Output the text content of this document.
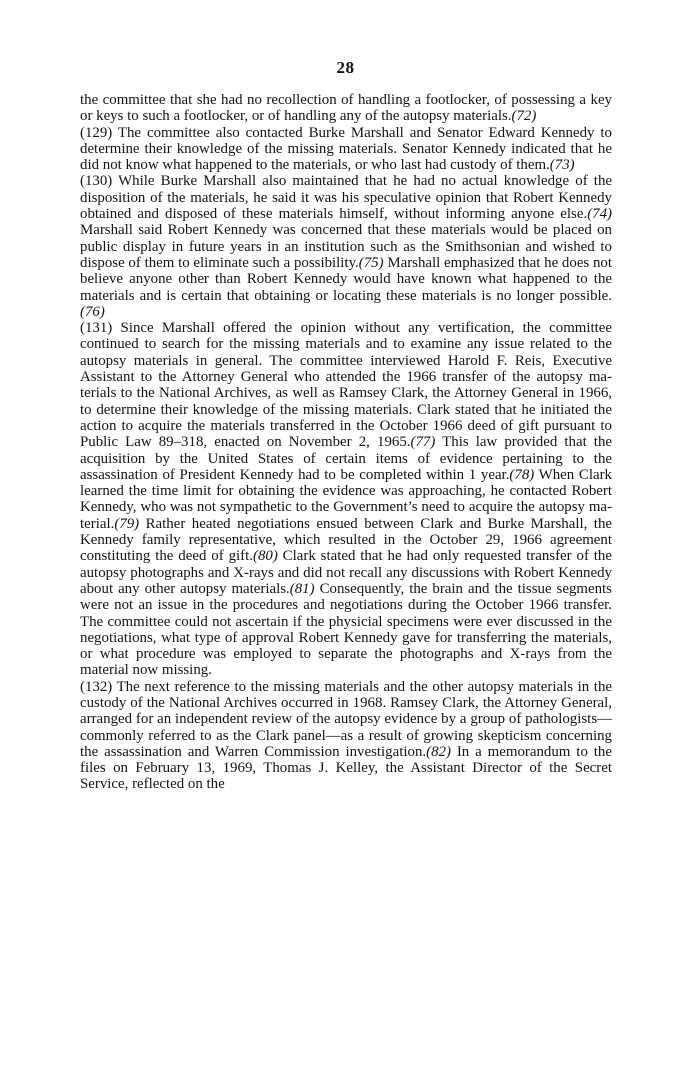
28

the committee that she had no recollection of handling a footlocker, of possessing a key or keys to such a footlocker, or of handling any of the autopsy materials.(72)

(129) The committee also contacted Burke Marshall and Senator Edward Kennedy to determine their knowledge of the missing materials. Senator Kennedy indicated that he did not know what happened to the materials, or who last had custody of them.(73)

(130) While Burke Marshall also maintained that he had no actual knowledge of the disposition of the materials, he said it was his speculative opinion that Robert Kennedy obtained and disposed of these materials himself, without informing anyone else.(74) Marshall said Robert Kennedy was concerned that these materials would be placed on public display in future years in an institution such as the Smithsonian and wished to dispose of them to eliminate such a possibility.(75) Marshall emphasized that he does not believe anyone other than Robert Kennedy would have known what happened to the materials and is certain that obtaining or locating these materials is no longer possible.(76)

(131) Since Marshall offered the opinion without any vertification, the committee continued to search for the missing materials and to examine any issue related to the autopsy materials in general. The committee interviewed Harold F. Reis, Executive Assistant to the Attorney General who attended the 1966 transfer of the autopsy materials to the National Archives, as well as Ramsey Clark, the Attorney General in 1966, to determine their knowledge of the missing materials. Clark stated that he initiated the action to acquire the materials transferred in the October 1966 deed of gift pursuant to Public Law 89–318, enacted on November 2, 1965.(77) This law provided that the acquisition by the United States of certain items of evidence pertaining to the assassination of President Kennedy had to be completed within 1 year.(78) When Clark learned the time limit for obtaining the evidence was approaching, he contacted Robert Kennedy, who was not sympathetic to the Government’s need to acquire the autopsy material.(79) Rather heated negotiations ensued between Clark and Burke Marshall, the Kennedy family representative, which resulted in the October 29, 1966 agreement constituting the deed of gift.(80) Clark stated that he had only requested transfer of the autopsy photographs and X-rays and did not recall any discussions with Robert Kennedy about any other autopsy materials.(81) Consequently, the brain and the tissue segments were not an issue in the procedures and negotiations during the October 1966 transfer. The committee could not ascertain if the physicial specimens were ever discussed in the negotiations, what type of approval Robert Kennedy gave for transferring the materials, or what procedure was employed to separate the photographs and X-rays from the material now missing.

(132) The next reference to the missing materials and the other autopsy materials in the custody of the National Archives occurred in 1968. Ramsey Clark, the Attorney General, arranged for an independent review of the autopsy evidence by a group of pathologists—commonly referred to as the Clark panel—as a result of growing skepticism concerning the assassination and Warren Commission investigation.(82) In a memorandum to the files on February 13, 1969, Thomas J. Kelley, the Assistant Director of the Secret Service, reflected on the
